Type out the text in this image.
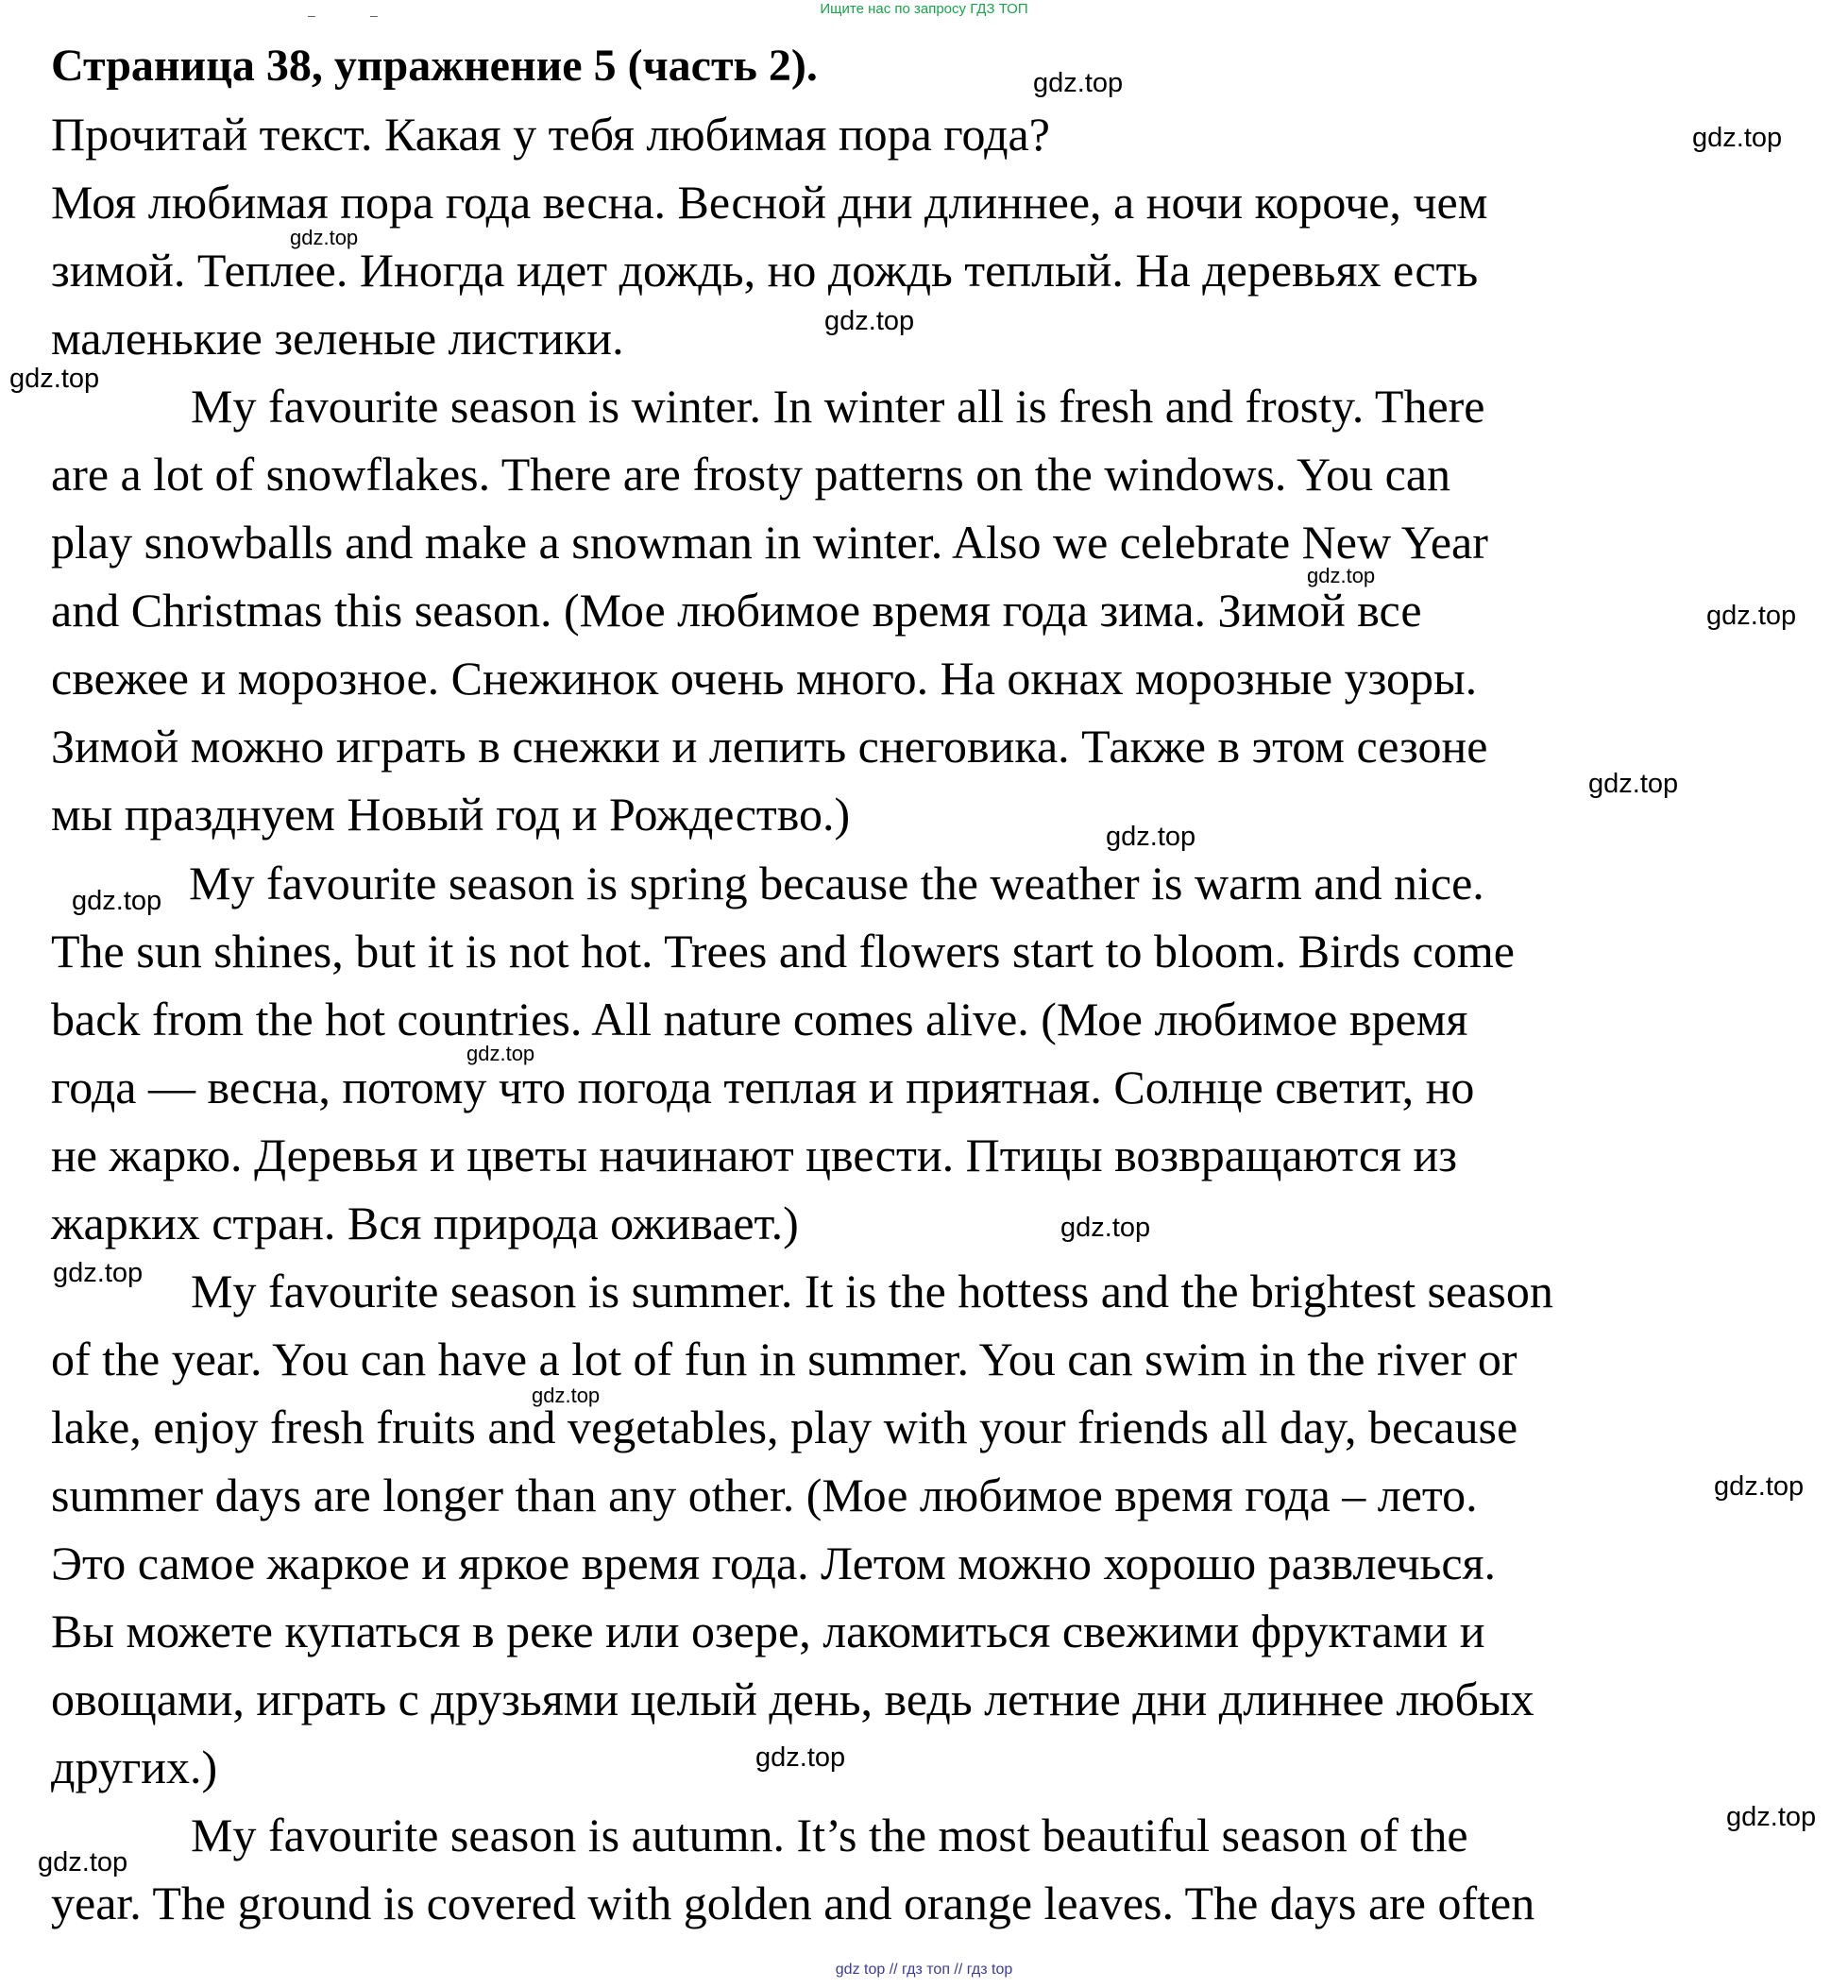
Ищите нас по запросу ГДЗ ТОП
–	–
Страница 38, упражнение 5 (часть 2).

Прочитай текст. Какая у тебя любимая пора года?

Моя любимая пора года весна. Весной дни длиннее, а ночи короче, чем

зимой. Теплее. Иногда идет дождь, но дождь теплый. На деревьях есть

маленькие зеленые листики.

My favourite season is winter. In winter all is fresh and frosty. There

are a lot of snowflakes. There are frosty patterns on the windows. You can

play snowballs and make a snowman in winter. Also we celebrate New Year

and Christmas this season. (Мое любимое время года зима. Зимой все

свежее и морозное. Снежинок очень много. На окнах морозные узоры.

Зимой можно играть в снежки и лепить снеговика. Также в этом сезоне

мы празднуем Новый год и Рождество.)

My favourite season is spring because the weather is warm and nice.

The sun shines, but it is not hot. Trees and flowers start to bloom. Birds come

back from the hot countries. All nature comes alive. (Мое любимое время

года — весна, потому что погода теплая и приятная. Солнце светит, но

не жарко. Деревья и цветы начинают цвести. Птицы возвращаются из

жарких стран. Вся природа оживает.)

My favourite season is summer. It is the hottess and the brightest season

of the year. You can have a lot of fun in summer. You can swim in the river or

lake, enjoy fresh fruits and vegetables, play with your friends all day, because

summer days are longer than any other. (Мое любимое время года – лето.

Это самое жаркое и яркое время года. Летом можно хорошо развлечься.

Вы можете купаться в реке или озере, лакомиться свежими фруктами и

овощами, играть с друзьями целый день, ведь летние дни длиннее любых

других.)

My favourite season is autumn. It’s the most beautiful season of the

year. The ground is covered with golden and orange leaves. The days are often

gdz.top
gdz.top
gdz.top
gdz.top
gdz.top
gdz.top
gdz.top
gdz.top
gdz.top
gdz.top
gdz.top
gdz.top
gdz.top
gdz.top
gdz.top
gdz.top
gdz.top
gdz.top
gdz top // гдз топ // гдз top
